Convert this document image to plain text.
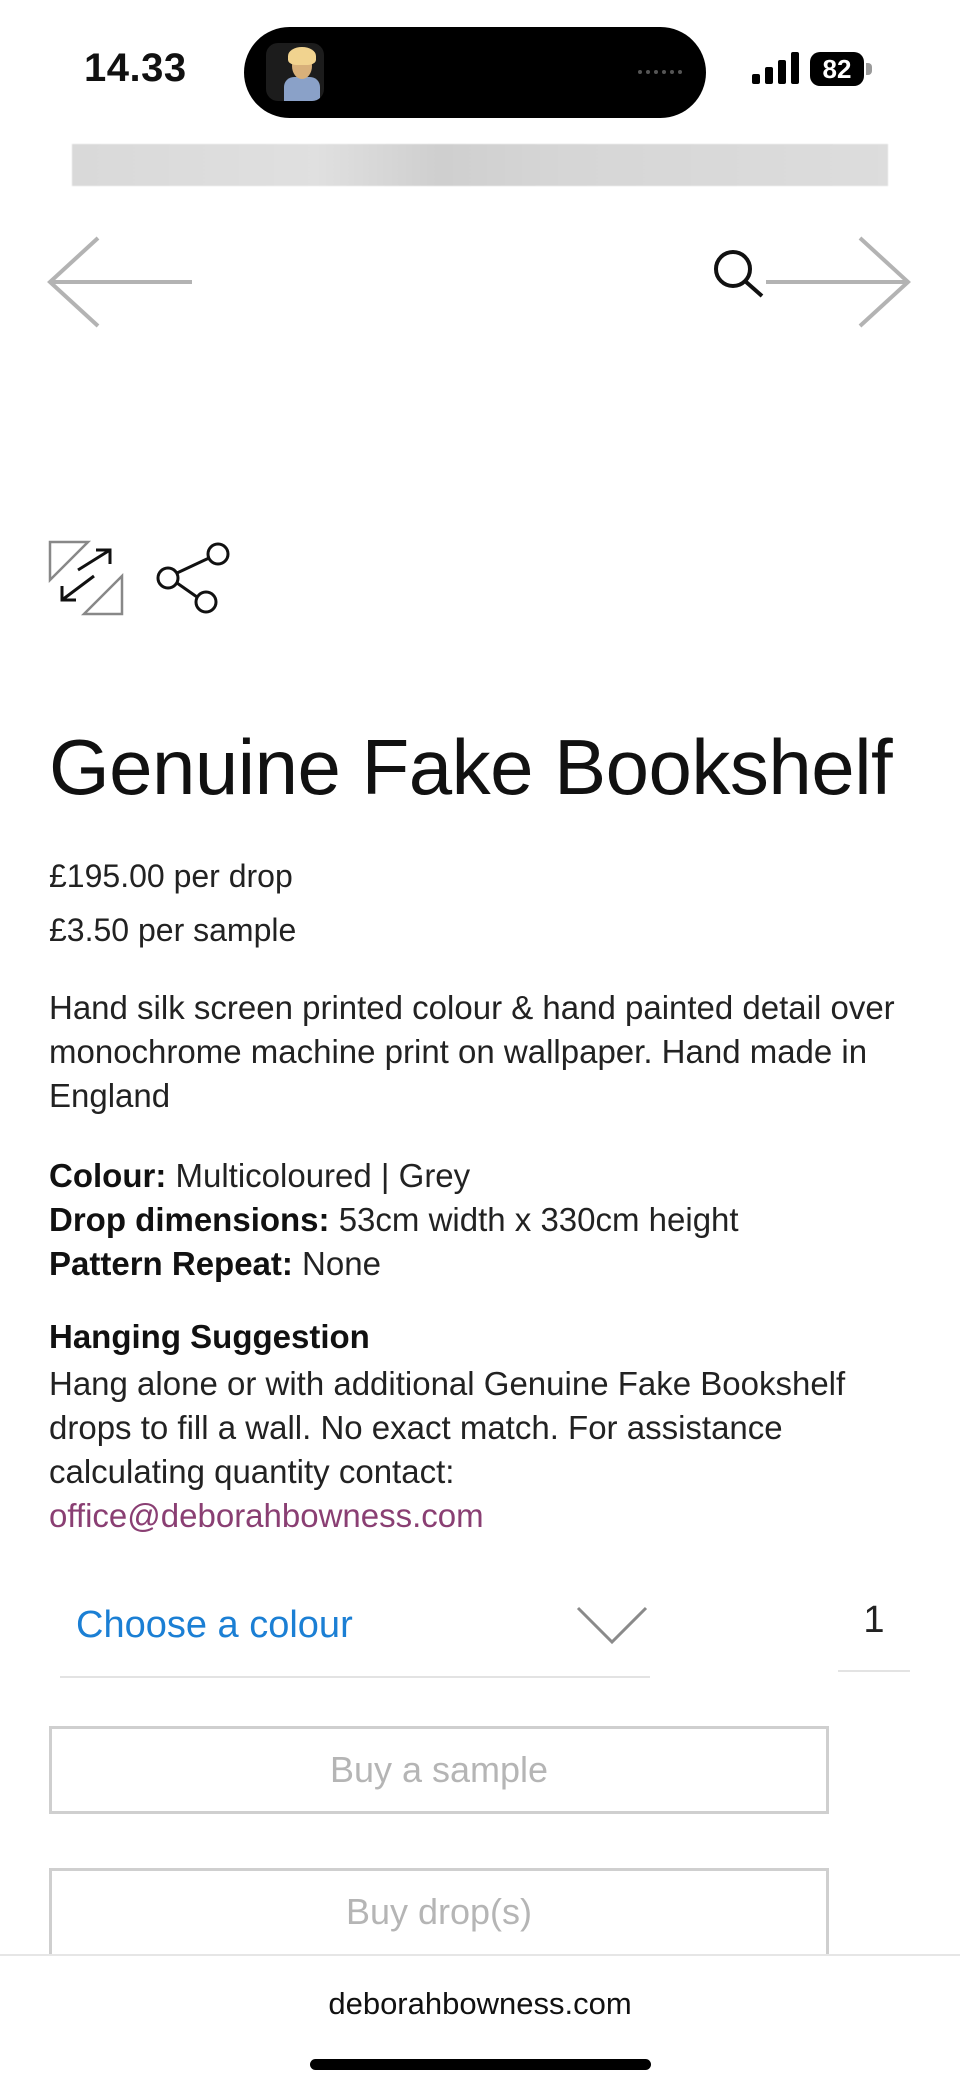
14.33	82
Genuine Fake Bookshelf
£195.00 per drop
£3.50 per sample
Hand silk screen printed colour & hand painted detail over monochrome machine print on wallpaper. Hand made in England
Colour: Multicoloured | Grey
Drop dimensions: 53cm width x 330cm height
Pattern Repeat: None
Hanging Suggestion
Hang alone or with additional Genuine Fake Bookshelf drops to fill a wall. No exact match. For assistance calculating quantity contact:
office@deborahbowness.com
Choose a colour	1
Buy a sample
Buy drop(s)
deborahbowness.com
